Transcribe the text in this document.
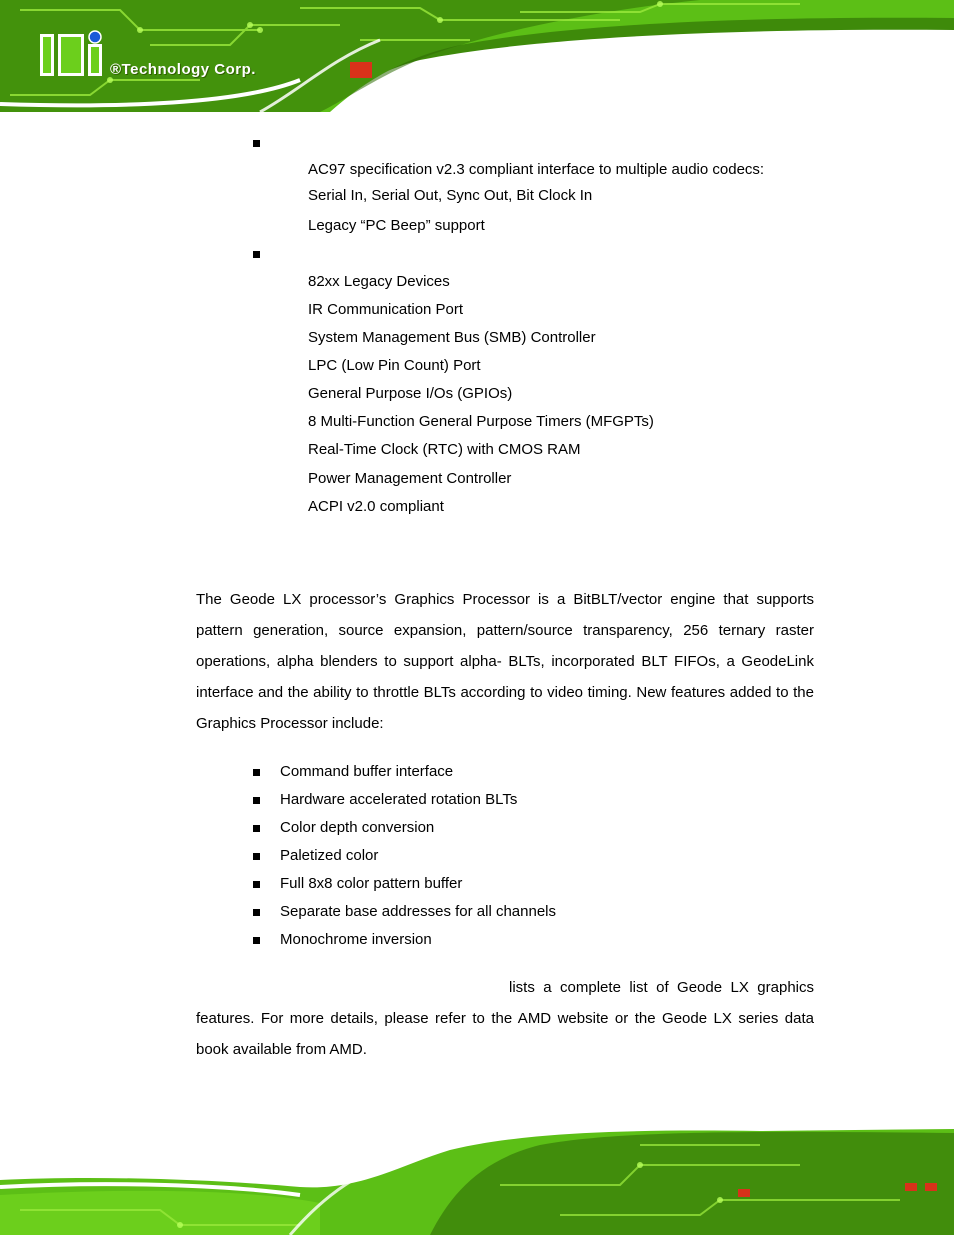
®Technology Corp.
AC97 specification v2.3 compliant interface to multiple audio codecs:
Serial In, Serial Out, Sync Out, Bit Clock In
Legacy “PC Beep” support
82xx Legacy Devices
IR Communication Port
System Management Bus (SMB) Controller
LPC (Low Pin Count) Port
General Purpose I/Os (GPIOs)
8 Multi-Function General Purpose Timers (MFGPTs)
Real-Time Clock (RTC) with CMOS RAM
Power Management Controller
ACPI v2.0 compliant
The Geode LX processor’s Graphics Processor is a BitBLT/vector engine that supports pattern generation, source expansion, pattern/source transparency, 256 ternary raster operations, alpha blenders to support alpha- BLTs, incorporated BLT FIFOs, a GeodeLink interface and the ability to throttle BLTs according to video timing. New features added to the Graphics Processor include:
Command buffer interface
Hardware accelerated rotation BLTs
Color depth conversion
Paletized color
Full 8x8 color pattern buffer
Separate base addresses for all channels
Monochrome inversion
lists a complete list of Geode LX graphics
features. For more details, please refer to the AMD website or the Geode LX series data book available from AMD.
